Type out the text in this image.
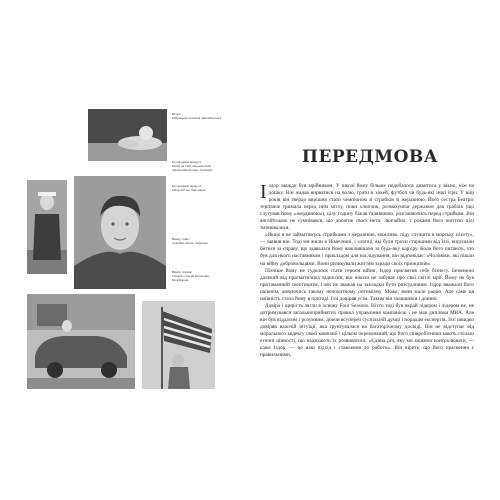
Вгорі:
Підрощене немовля прокидається
Посередині ліворуч:
Поїзд на схід, Альмонський провінційний парк, Онтаріо
Посередині ліворуч:
Іздор під час бар-міцви
Внизу зліва:
Середня школа, Торонто
Внизу справа:
істерія Семена Катиліна, Каліфорнія
ПЕРЕДМОВА

Іздор завжди був мрійником. У школі йому більше подобалося дивитися у вікно, ніж на дошку. Він жадав вирватися на волю, грати в хокей, футбол чи будь-які інші ігри. У віці років він твердо вирішив стати чемпіоном зі стрибків зі жердиною. Його сестра Беатріс терпляче тримала перед ним мітлу, поки хлопчик, розмахуючи держаком для граблів (що слугував йому «жердиною»), цілу годину біжав галявиною, розганяючись перед стрибком. Він англійською не сумнівався, що досягне своєї мети. Звичайно, з роками його життєві цілі змінювалися.

«Якщо я не займатимусь стрибками з жердиною, можливо, піду служити в морську піхоту», — заявив він. Тоді ми жили в Німеччині, і хлопці, які були трохи старшими від Іззі, вирушали битися за справу, що здавалася йому важливішою за будь-яку кар'єру. Коли його питають, хто був для нього наставником і прикладом для наслідування, він відповідає: «Чоловіки, які пішли на війну добровольцями. Вони ризикували життям заради своїх принципів».

Пізніше йому не судилося стати героєм війни, Іздор присвятив себе бізнесу. Безмежно далекий від прагматичних відносин, він ніколи не забуває про свої світлі мрії. Йому не був притаманний скептицизм, і він не зважав на закладки бути розсудливим. Іздор вважали його наївним, дивуючись такому непохитному оптимізму. Може, вони мали рацію. Але саме ця наївність стала йому в пригоді. Іззі довіряв усім. Таким він залишився і донині.

Довіра і щирість лягли в основу Four Seasons. Ніхто тоді був вкрай лідером і лідером не, не дотримувався загальноприйнятих правил управління компанією і не мав диплома MBA. Але він був віддасим і розумним, діючи всупереч суспільній думці і порадам експертів. Іззі швидко довіряв власній інтуїції, яка ґрунтувалася на багаторічному досвіді. Він не відступає від морального кодексу своєї компанії і цілком переконаний, що його співробітники мають спільні етичні цінності, що надихають їх розвиватися. «Єдина річ, яку ми можемо контролювати, — каже Іздор, — це наш підхід і ставлення до роботи». Він вірить, що його прагнення є правильними,
